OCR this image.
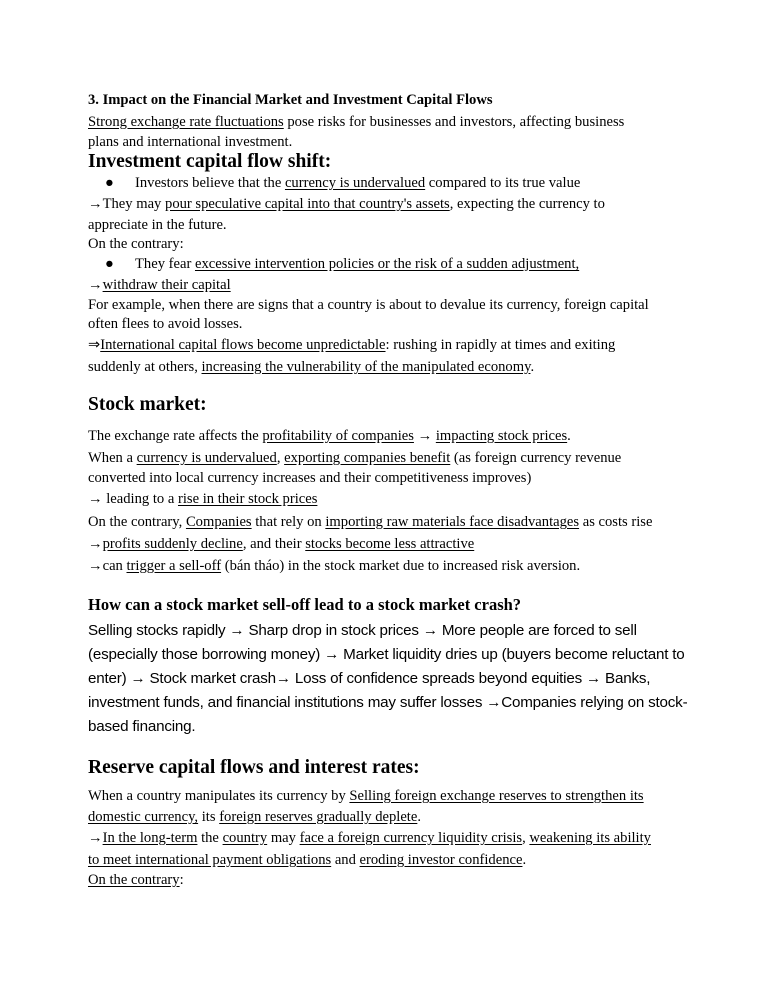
3. Impact on the Financial Market and Investment Capital Flows
Strong exchange rate fluctuations pose risks for businesses and investors, affecting business
plans and international investment.
Investment capital flow shift:
● Investors believe that the currency is undervalued compared to its true value
→They may pour speculative capital into that country's assets, expecting the currency to
appreciate in the future.
On the contrary:
● They fear excessive intervention policies or the risk of a sudden adjustment,
→withdraw their capital
For example, when there are signs that a country is about to devalue its currency, foreign capital
often flees to avoid losses.
⇒International capital flows become unpredictable: rushing in rapidly at times and exiting
suddenly at others, increasing the vulnerability of the manipulated economy.
Stock market:
The exchange rate affects the profitability of companies → impacting stock prices.
When a currency is undervalued, exporting companies benefit (as foreign currency revenue
converted into local currency increases and their competitiveness improves)
→ leading to a rise in their stock prices
On the contrary, Companies that rely on importing raw materials face disadvantages as costs rise
→profits suddenly decline, and their stocks become less attractive
→can trigger a sell-off (bán tháo) in the stock market due to increased risk aversion.
How can a stock market sell-off lead to a stock market crash?
Selling stocks rapidly → Sharp drop in stock prices → More people are forced to sell
(especially those borrowing money) → Market liquidity dries up (buyers become reluctant to
enter) → Stock market crash→ Loss of confidence spreads beyond equities → Banks,
investment funds, and financial institutions may suffer losses →Companies relying on stock-
based financing.
Reserve capital flows and interest rates:
When a country manipulates its currency by Selling foreign exchange reserves to strengthen its
domestic currency, its foreign reserves gradually deplete.
→In the long-term the country may face a foreign currency liquidity crisis, weakening its ability
to meet international payment obligations and eroding investor confidence.
On the contrary:
